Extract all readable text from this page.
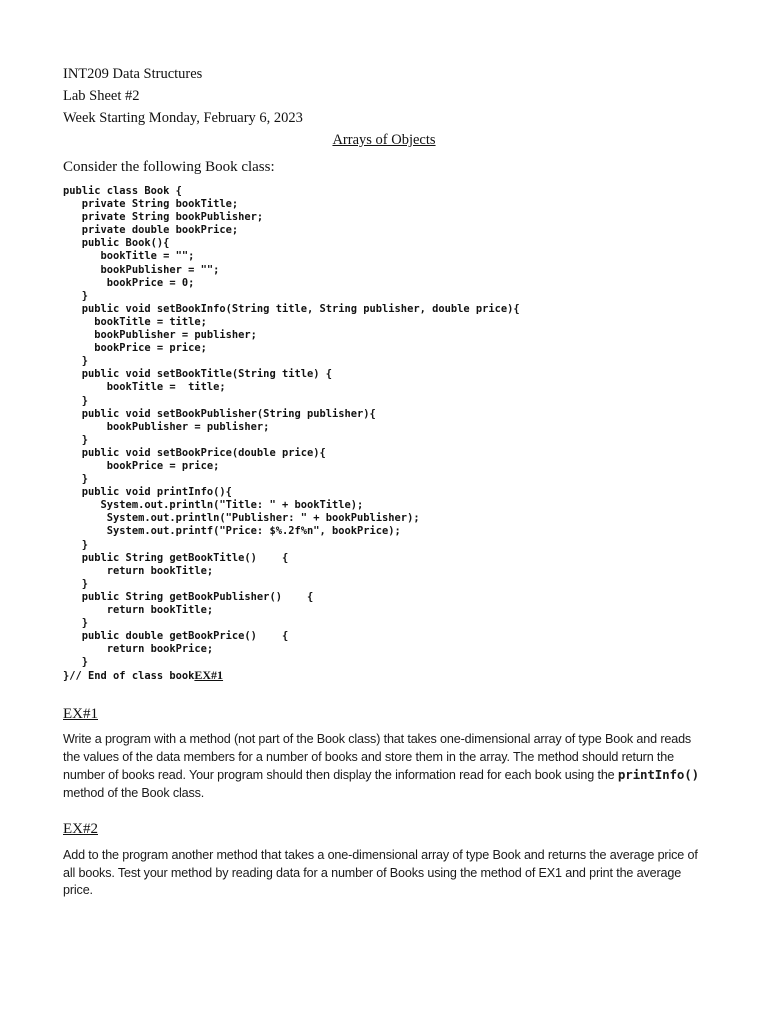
INT209 Data Structures
Lab Sheet #2
Week Starting Monday, February 6, 2023
Arrays of Objects
Consider the following Book class:
public class Book {
private String bookTitle;
private String bookPublisher;
private double bookPrice;
public Book(){
bookTitle = "";
bookPublisher = "";
bookPrice = 0;
}
public void setBookInfo(String title, String publisher, double price){
bookTitle = title;
bookPublisher = publisher;
bookPrice = price;
}
public void setBookTitle(String title) {
bookTitle =  title;
}
public void setBookPublisher(String publisher){
bookPublisher = publisher;
}
public void setBookPrice(double price){
bookPrice = price;
}
public void printInfo(){
System.out.println("Title: " + bookTitle);
System.out.println("Publisher: " + bookPublisher);
System.out.printf("Price: $%.2f%n", bookPrice);
}
public String getBookTitle()    {
return bookTitle;
}
public String getBookPublisher()    {
return bookTitle;
}
public double getBookPrice()    {
return bookPrice;
}
}// End of class bookEX#1
EX#1
Write a program with a method (not part of the Book class) that takes one-dimensional array of type Book and reads the values of the data members for a number of books and store them in the array. The method should return the number of books read. Your program should then display the information read for each book using the printInfo() method of the Book class.
EX#2
Add to the program another method that takes a one-dimensional array of type Book and returns the average price of all books. Test your method by reading data for a number of Books using the method of EX1 and print the average price.
